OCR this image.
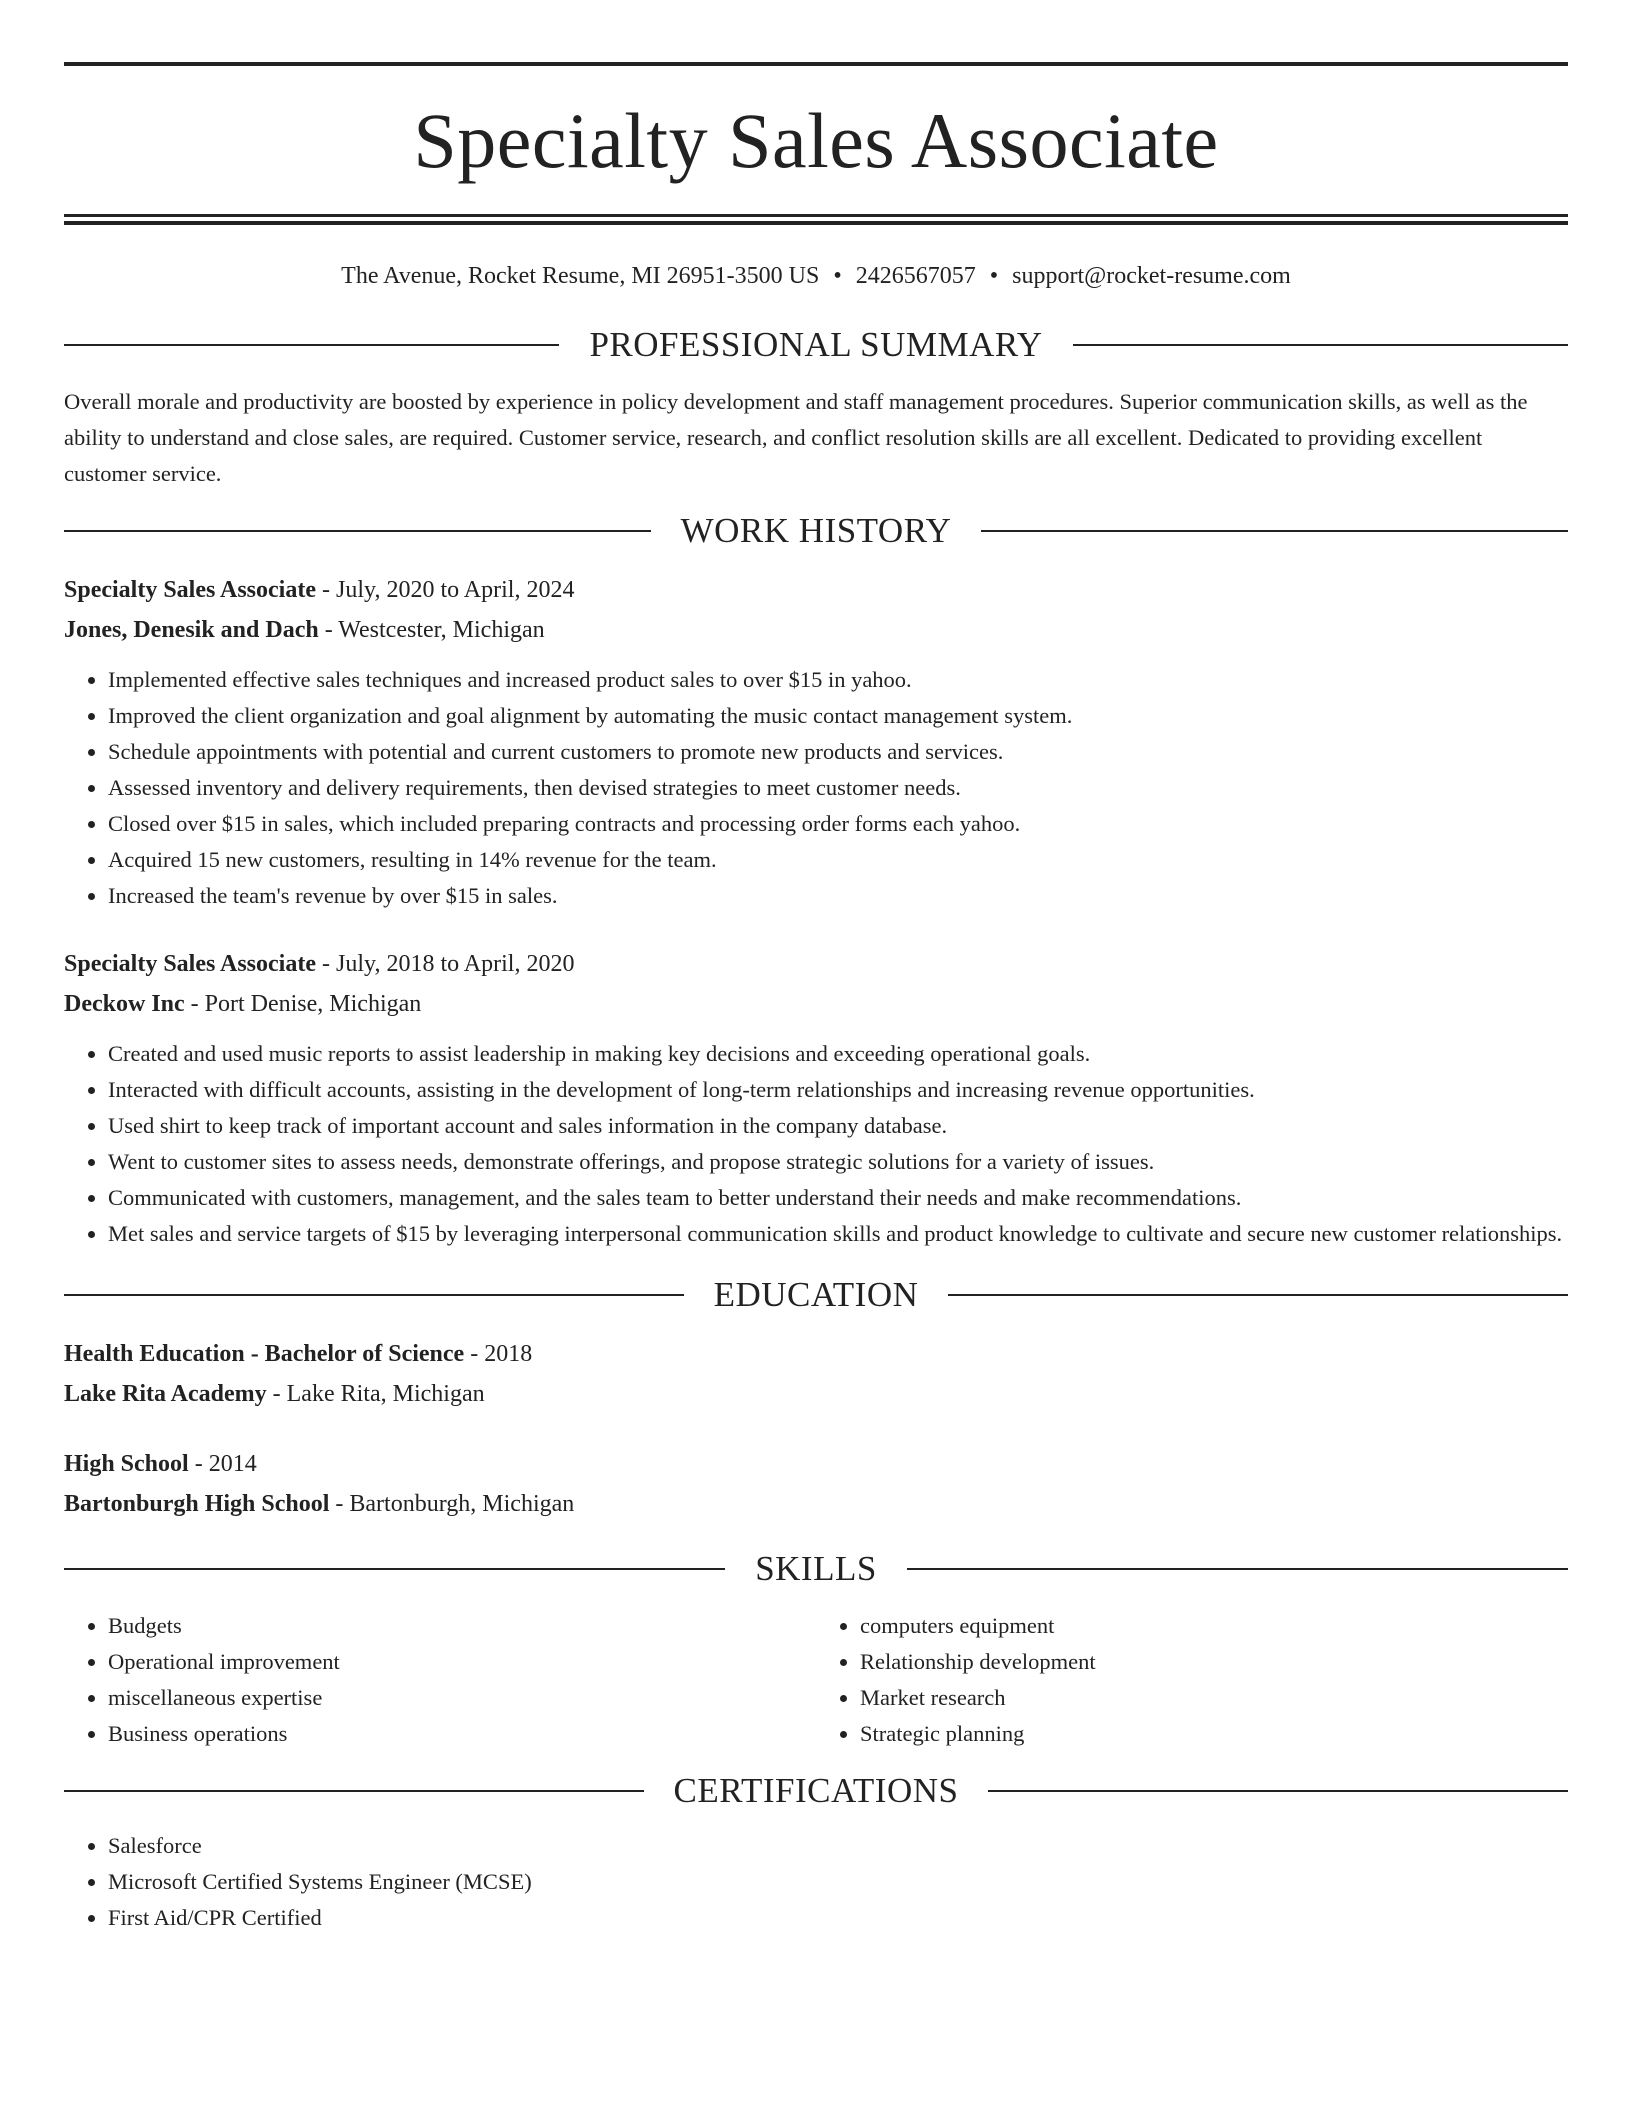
Specialty Sales Associate
The Avenue, Rocket Resume, MI 26951-3500 US • 2426567057 • support@rocket-resume.com
PROFESSIONAL SUMMARY

Overall morale and productivity are boosted by experience in policy development and staff management procedures. Superior communication skills, as well as the ability to understand and close sales, are required. Customer service, research, and conflict resolution skills are all excellent. Dedicated to providing excellent customer service.

WORK HISTORY
Specialty Sales Associate - July, 2020 to April, 2024
Jones, Denesik and Dach - Westcester, Michigan
• Implemented effective sales techniques and increased product sales to over $15 in yahoo.
• Improved the client organization and goal alignment by automating the music contact management system.
• Schedule appointments with potential and current customers to promote new products and services.
• Assessed inventory and delivery requirements, then devised strategies to meet customer needs.
• Closed over $15 in sales, which included preparing contracts and processing order forms each yahoo.
• Acquired 15 new customers, resulting in 14% revenue for the team.
• Increased the team's revenue by over $15 in sales.
Specialty Sales Associate - July, 2018 to April, 2020
Deckow Inc - Port Denise, Michigan
• Created and used music reports to assist leadership in making key decisions and exceeding operational goals.
• Interacted with difficult accounts, assisting in the development of long-term relationships and increasing revenue opportunities.
• Used shirt to keep track of important account and sales information in the company database.
• Went to customer sites to assess needs, demonstrate offerings, and propose strategic solutions for a variety of issues.
• Communicated with customers, management, and the sales team to better understand their needs and make recommendations.
• Met sales and service targets of $15 by leveraging interpersonal communication skills and product knowledge to cultivate and secure new customer relationships.
EDUCATION
Health Education - Bachelor of Science - 2018
Lake Rita Academy - Lake Rita, Michigan
High School - 2014
Bartonburgh High School - Bartonburgh, Michigan
SKILLS
• Budgets
• Operational improvement
• miscellaneous expertise
• Business operations
• computers equipment
• Relationship development
• Market research
• Strategic planning
CERTIFICATIONS
• Salesforce
• Microsoft Certified Systems Engineer (MCSE)
• First Aid/CPR Certified
